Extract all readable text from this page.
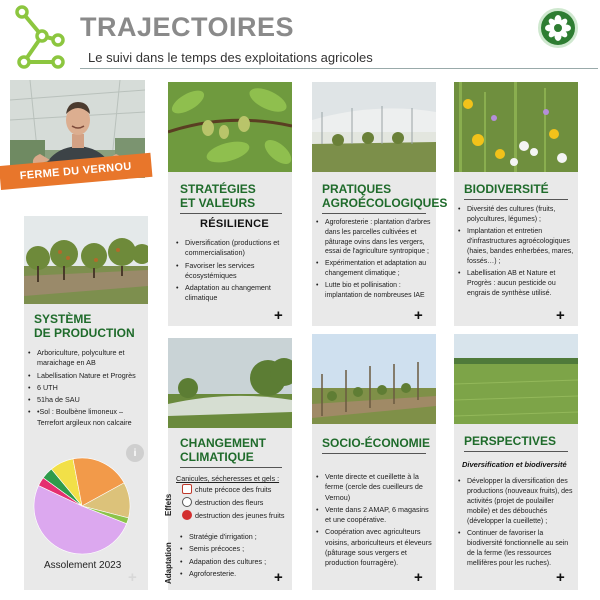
TRAJECTOIRES
Le suivi dans le temps des exploitations agricoles
FERME DU VERNOU
SYSTÈME
DE PRODUCTION
• Arboriculture, polyculture et maraichage en AB
• Labellisation Nature et Progrès
• 6 UTH
• 51ha de SAU
• •Sol : Boulbène limoneux – Terrefort argileux non calcaire
i
Assolement 2023
+
STRATÉGIES
ET VALEURS
RÉSILIENCE
• Diversification (productions et commercialisation)
• Favoriser les services écosystémiques
• Adaptation au changement climatique
+
PRATIQUES
AGROÉCOLOGIQUES
• Agroforesterie : plantation d'arbres dans les parcelles cultivées et pâturage ovins dans les vergers, essai de l'agriculture syntropique ;
• Expérimentation et adaptation au changement climatique ;
• Lutte bio et pollinisation : implantation de nombreuses IAE
+
BIODIVERSITÉ
• Diversité des cultures (fruits, polycultures, légumes) ;
• Implantation et entretien d'infrastructures agroécologiques (haies, bandes enherbées, mares, fossés…) ;
• Labellisation AB et Nature et Progrès : aucun pesticide ou engrais de synthèse utilisé.
+
CHANGEMENT
CLIMATIQUE
Canicules, sécheresses et gels :
chute précoce des fruits
destruction des fleurs
destruction des jeunes fruits
Effets
Adaptation
• Stratégie d'irrigation ;
• Semis précoces ;
• Adapation des cultures ;
• Agroforesterie.	+
SOCIO-ÉCONOMIE
• Vente directe et cueillette à la ferme (cercle des cueilleurs de Vernou)
• Vente dans 2 AMAP, 6 magasins et une coopérative.
• Coopération avec agriculteurs voisins, arboriculteurs et éleveurs (pâturage sous vergers et production fourragère).
+
PERSPECTIVES
Diversification et biodiversité
• Développer la diversification des productions (nouveaux fruits), des activités (projet de poulailler mobile) et des débouchés (développer la cueillette) ;
• Continuer de favoriser la biodiversité fonctionnelle au sein de la ferme (les ressources mellifères pour les ruches).
+
